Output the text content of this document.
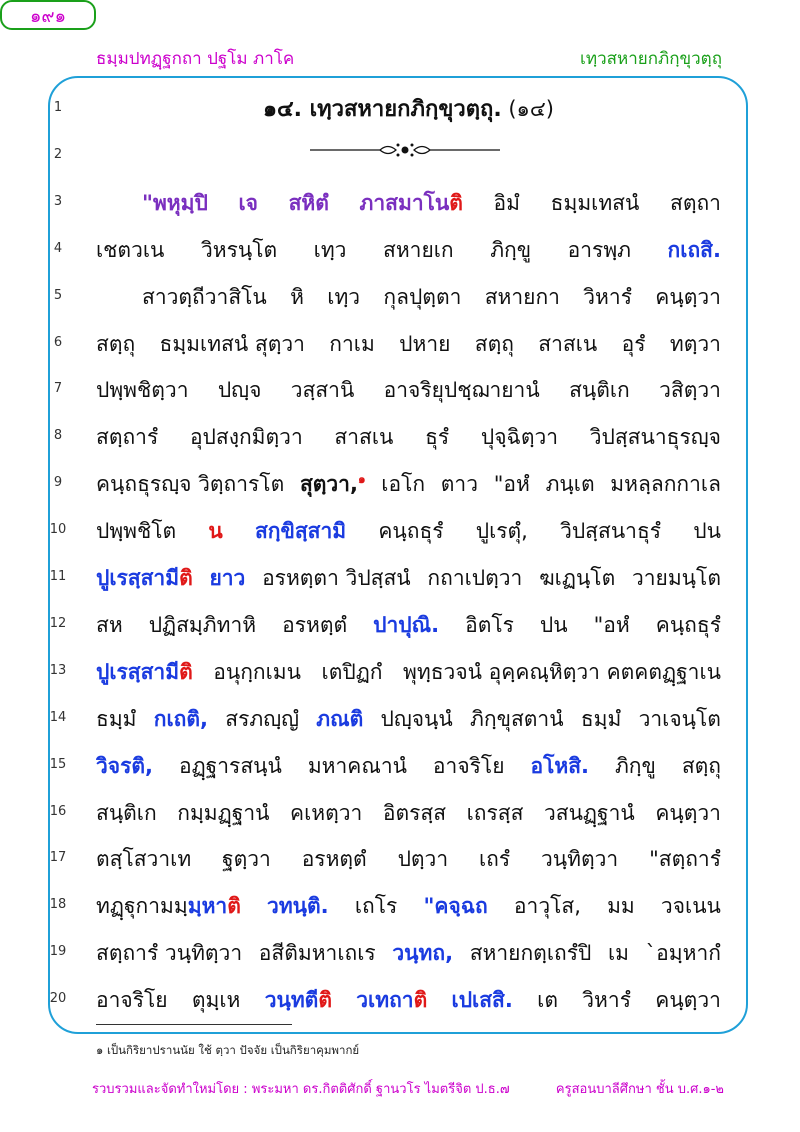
ธมฺมปทฏฺฐกถา ปฐโม ภาโค
๑๙๑
เทฺวสหายกภิกฺขุวตฺถุ
1	๑๔. เทฺวสหายกภิกฺขุวตฺถุ. (๑๔)
2
3	"พหุมฺปิ เจ สหิตํ ภาสมาโนติ อิมํ ธมฺมเทสนํ สตฺถา
4	เชตวเน วิหรนฺโต เทฺว สหายเก ภิกฺขู อารพฺภ กเถสิ.
5	สาวตฺถีวาสิโน หิ เทฺว กุลปุตฺตา สหายกา วิหารํ คนฺตฺวา
6	สตฺถุ ธมฺมเทสนํ สุตฺวา กาเม ปหาย สตฺถุ สาสเน อุรํ ทตฺวา
7	ปพฺพชิตฺวา ปญฺจ วสฺสานิ อาจริยุปชฺฌายานํ สนฺติเก วสิตฺวา
8	สตฺถารํ อุปสงฺกมิตฺวา สาสเน ธุรํ ปุจฺฉิตฺวา วิปสฺสนาธุรญฺจ
9	คนฺถธุรญฺจ วิตฺถารโต สุตฺวา,$^๑$ เอโก ตาว "อหํ ภนฺเต มหลฺลกกาเล
10	ปพฺพชิโต น สกฺขิสฺสามิ คนฺถธุรํ ปูเรตุํ, วิปสฺสนาธุรํ ปน
11	ปูเรสฺสามีติ ยาว อรหตฺตา วิปสฺสนํ กถาเปตฺวา ฆเฏนฺโต วายมนฺโต
12	สห ปฏิสมฺภิทาหิ อรหตฺตํ ปาปุณิ. อิตโร ปน "อหํ คนฺถธุรํ
13	ปูเรสฺสามีติ อนุกฺกเมน เตปิฏกํ พุทฺธวจนํ อุคฺคณฺหิตฺวา คตคตฏฺฐาเน
14	ธมฺมํ กเถติ, สรภญฺญํ ภณติ ปญฺจนฺนํ ภิกฺขุสตานํ ธมฺมํ วาเจนฺโต
15	วิจรติ, อฏฺฐารสนฺนํ มหาคณานํ อาจริโย อโหสิ. ภิกฺขู สตฺถุ
16	สนฺติเก กมฺมฏฺฐานํ คเหตฺวา อิตรสฺส เถรสฺส วสนฏฺฐานํ คนฺตฺวา
17	ตสฺโสวาเท ฐตฺวา อรหตฺตํ ปตฺวา เถรํ วนฺทิตฺวา "สตฺถารํ
18	ทฏฺฐุกามมฺมฺหาติ วทนฺติ. เถโร "คจฺฉถ อาวุโส, มม วจเนน
19	สตฺถารํ วนฺทิตฺวา อสีติมหาเถเร วนฺทถ, สหายกตฺเถรํปิ เม `อมฺหากํ
20	อาจริโย ตุมฺเห วนฺทตีติ วเทถาติ เปเสสิ. เต วิหารํ คนฺตฺวา
๑ เป็นกิริยาปรานนัย ใช้ ตฺวา ปัจจัย เป็นกิริยาคุมพากย์
รวบรวมและจัดทำใหม่โดย : พระมหา ดร.กิตติศักดิ์ ฐานวโร ไมตรีจิต ป.ธ.๗	ครูสอนบาลีศึกษา ชั้น บ.ศ.๑-๒
